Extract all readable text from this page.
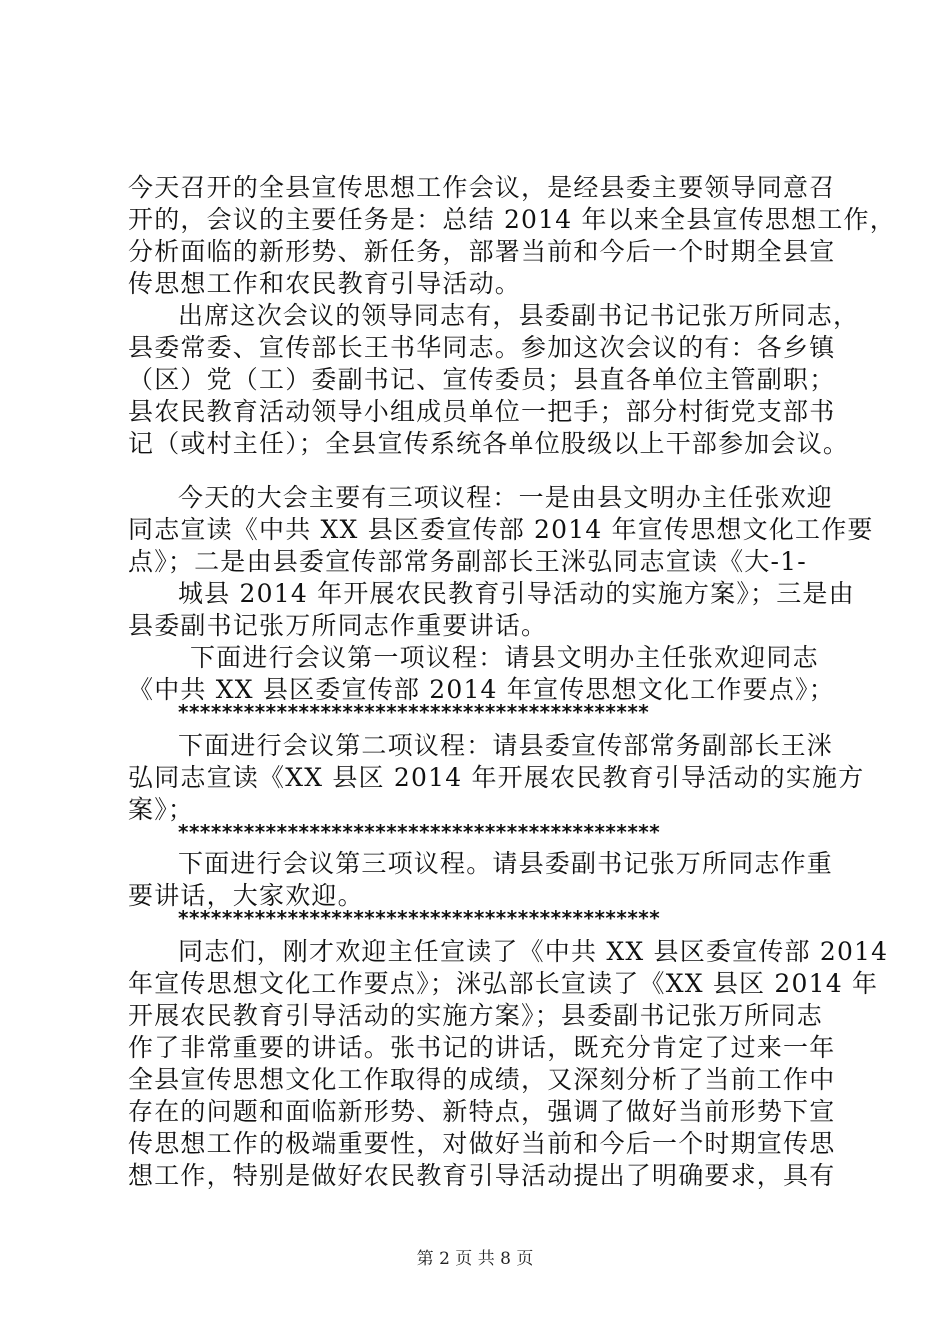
今天召开的全县宣传思想工作会议，是经县委主要领导同意召
开的，会议的主要任务是：总结 2014 年以来全县宣传思想工作，
分析面临的新形势、新任务，部署当前和今后一个时期全县宣
传思想工作和农民教育引导活动。
出席这次会议的领导同志有，县委副书记书记张万所同志，
县委常委、宣传部长王书华同志。参加这次会议的有：各乡镇
（区）党（工）委副书记、宣传委员；县直各单位主管副职；
县农民教育活动领导小组成员单位一把手；部分村街党支部书
记（或村主任）；全县宣传系统各单位股级以上干部参加会议。
今天的大会主要有三项议程：一是由县文明办主任张欢迎
同志宣读《中共 XX 县区委宣传部 2014 年宣传思想文化工作要
点》；二是由县委宣传部常务副部长王洣弘同志宣读《大-1-
城县 2014 年开展农民教育引导活动的实施方案》；三是由
县委副书记张万所同志作重要讲话。
下面进行会议第一项议程：请县文明办主任张欢迎同志
《中共 XX 县区委宣传部 2014 年宣传思想文化工作要点》；
*******************************************
下面进行会议第二项议程：请县委宣传部常务副部长王洣
弘同志宣读《XX 县区 2014 年开展农民教育引导活动的实施方
案》；
********************************************
下面进行会议第三项议程。请县委副书记张万所同志作重
要讲话，大家欢迎。
********************************************
同志们，刚才欢迎主任宣读了《中共 XX 县区委宣传部 2014
年宣传思想文化工作要点》；洣弘部长宣读了《XX 县区 2014 年
开展农民教育引导活动的实施方案》；县委副书记张万所同志
作了非常重要的讲话。张书记的讲话，既充分肯定了过来一年
全县宣传思想文化工作取得的成绩，又深刻分析了当前工作中
存在的问题和面临新形势、新特点，强调了做好当前形势下宣
传思想工作的极端重要性，对做好当前和今后一个时期宣传思
想工作，特别是做好农民教育引导活动提出了明确要求，具有
第 2 页 共 8 页
